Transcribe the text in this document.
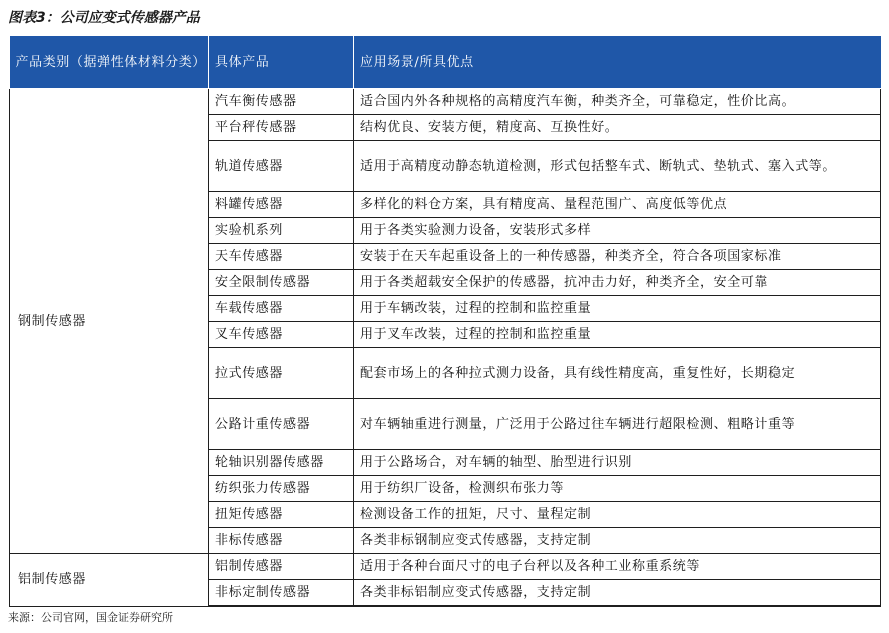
图表3：公司应变式传感器产品
产品类别（据弹性体材料分类）	具体产品	应用场景/所具优点
钢制传感器	汽车衡传感器	适合国内外各种规格的高精度汽车衡，种类齐全，可靠稳定，性价比高。
	平台秤传感器	结构优良、安装方便，精度高、互换性好。
	轨道传感器	适用于高精度动静态轨道检测，形式包括整车式、断轨式、垫轨式、塞入式等。
	料罐传感器	多样化的料仓方案，具有精度高、量程范围广、高度低等优点
	实验机系列	用于各类实验测力设备，安装形式多样
	天车传感器	安装于在天车起重设备上的一种传感器，种类齐全，符合各项国家标准
	安全限制传感器	用于各类超载安全保护的传感器，抗冲击力好，种类齐全，安全可靠
	车载传感器	用于车辆改装，过程的控制和监控重量
	叉车传感器	用于叉车改装，过程的控制和监控重量
	拉式传感器	配套市场上的各种拉式测力设备，具有线性精度高，重复性好，长期稳定
	公路计重传感器	对车辆轴重进行测量，广泛用于公路过往车辆进行超限检测、粗略计重等
	轮轴识别器传感器	用于公路场合，对车辆的轴型、胎型进行识别
	纺织张力传感器	用于纺织厂设备，检测织布张力等
	扭矩传感器	检测设备工作的扭矩，尺寸、量程定制
	非标传感器	各类非标钢制应变式传感器，支持定制
铝制传感器	铝制传感器	适用于各种台面尺寸的电子台秤以及各种工业称重系统等
	非标定制传感器	各类非标铝制应变式传感器，支持定制
来源：公司官网，国金证券研究所
